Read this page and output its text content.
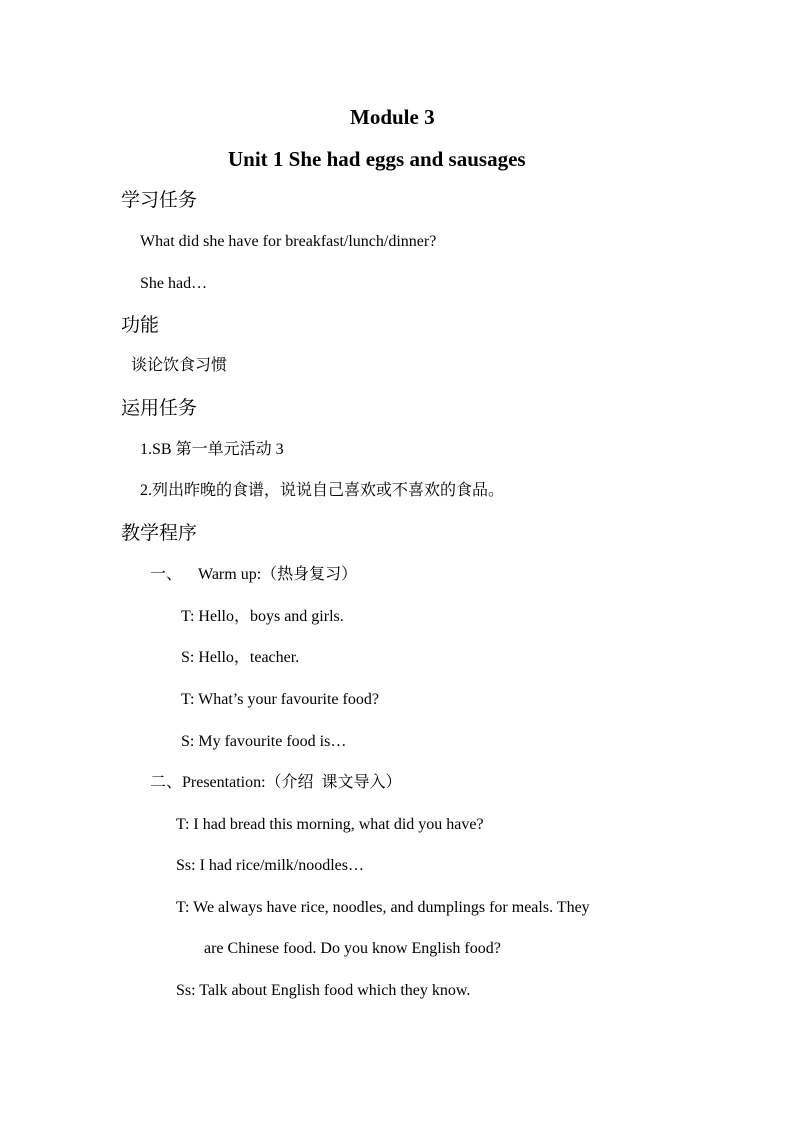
Module 3
Unit 1 She had eggs and sausages
学习任务
What did she have for breakfast/lunch/dinner?
She had…
功能
谈论饮食习惯
运用任务
1.SB 第一单元活动 3
2.列出昨晚的食谱，说说自己喜欢或不喜欢的食品。
教学程序
一、    Warm up:（热身复习）
T: Hello，boys and girls.
S: Hello，teacher.
T: What’s your favourite food?
S: My favourite food is…
二、Presentation:（介绍  课文导入）
T: I had bread this morning, what did you have?
Ss: I had rice/milk/noodles…
T: We always have rice, noodles, and dumplings for meals. They
are Chinese food. Do you know English food?
Ss: Talk about English food which they know.
